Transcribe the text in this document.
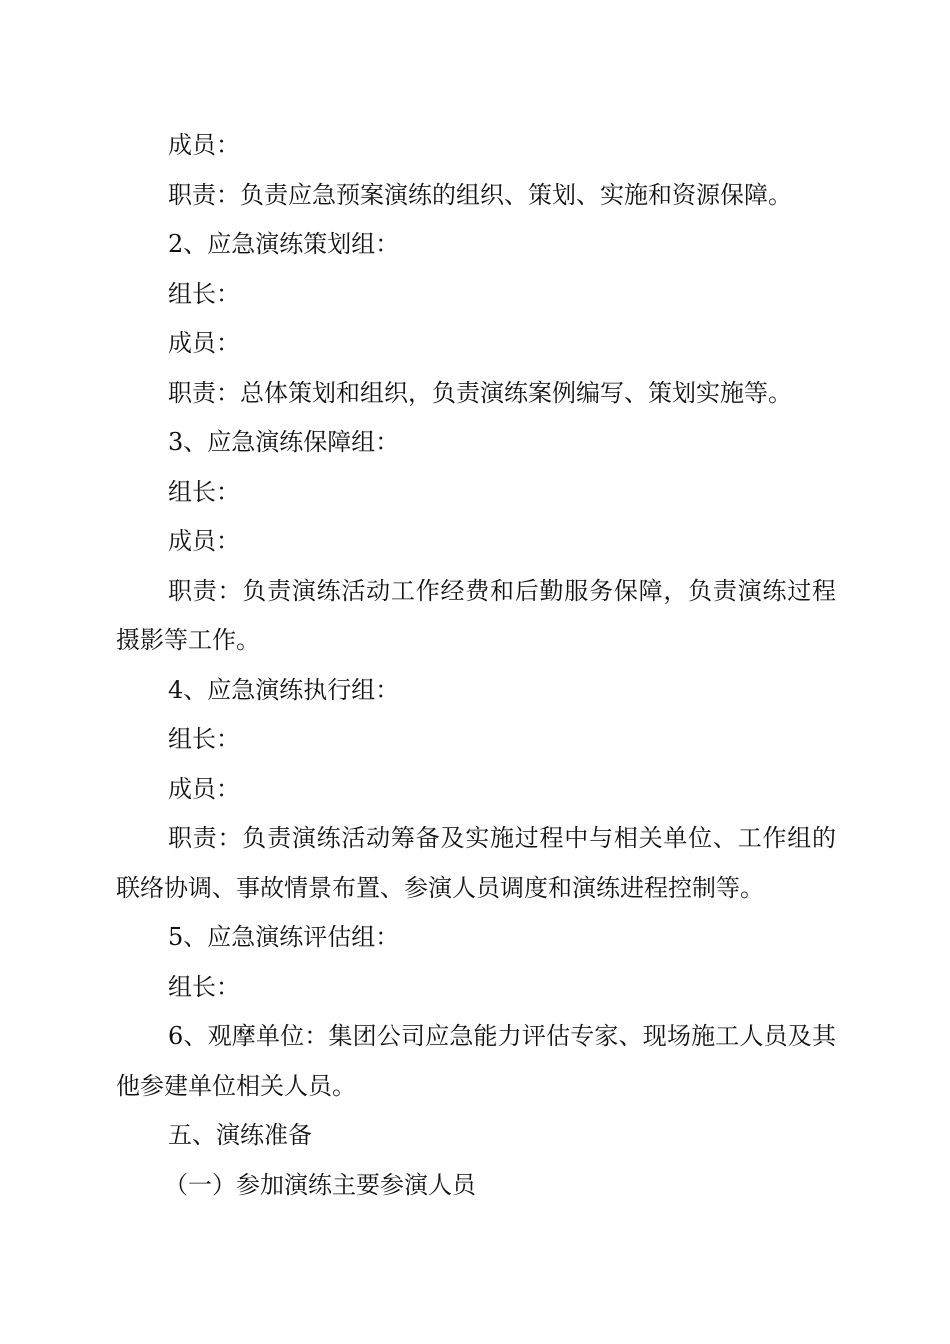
成员：

职责：负责应急预案演练的组织、策划、实施和资源保障。

2、应急演练策划组：

组长：

成员：

职责：总体策划和组织，负责演练案例编写、策划实施等。

3、应急演练保障组：

组长：

成员：

职责：负责演练活动工作经费和后勤服务保障，负责演练过程摄影等工作。

4、应急演练执行组：

组长：

成员：

职责：负责演练活动筹备及实施过程中与相关单位、工作组的联络协调、事故情景布置、参演人员调度和演练进程控制等。

5、应急演练评估组：

组长：

6、观摩单位：集团公司应急能力评估专家、现场施工人员及其他参建单位相关人员。

五、演练准备

（一）参加演练主要参演人员
